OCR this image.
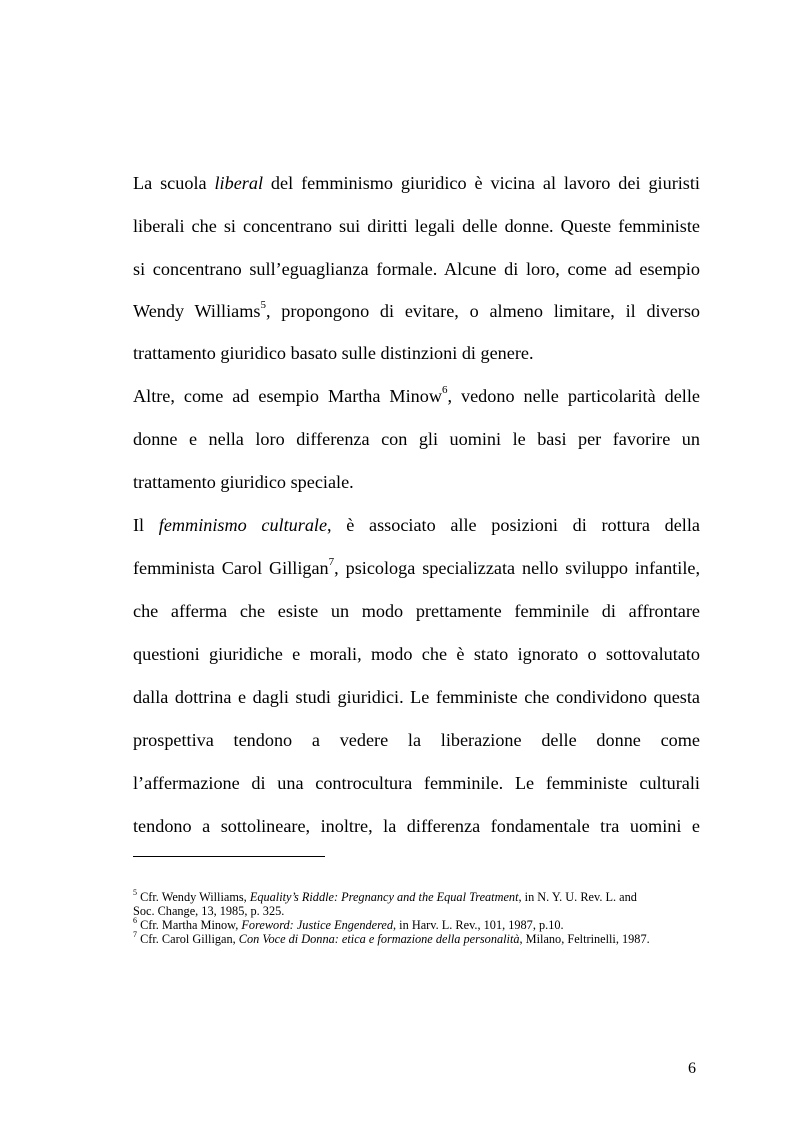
La scuola liberal del femminismo giuridico è vicina al lavoro dei giuristi
liberali che si concentrano sui diritti legali delle donne. Queste femministe
si concentrano sull’eguaglianza formale. Alcune di loro, come ad esempio
Wendy Williams$^5$, propongono di evitare, o almeno limitare, il diverso
trattamento giuridico basato sulle distinzioni di genere.
Altre, come ad esempio Martha Minow$^6$, vedono nelle particolarità delle
donne e nella loro differenza con gli uomini le basi per favorire un
trattamento giuridico speciale.
Il femminismo culturale, è associato alle posizioni di rottura della
femminista Carol Gilligan$^7$, psicologa specializzata nello sviluppo infantile,
che afferma che esiste un modo prettamente femminile di affrontare
questioni giuridiche e morali, modo che è stato ignorato o sottovalutato
dalla dottrina e dagli studi giuridici. Le femministe che condividono questa
prospettiva tendono a vedere la liberazione delle donne come
l’affermazione di una controcultura femminile. Le femministe culturali
tendono a sottolineare, inoltre, la differenza fondamentale tra uomini e
$^5$ Cfr. Wendy Williams, Equality’s Riddle: Pregnancy and the Equal Treatment, in N. Y. U. Rev. L. and
Soc. Change, 13, 1985, p. 325.
$^6$ Cfr. Martha Minow, Foreword: Justice Engendered, in Harv. L. Rev., 101, 1987, p.10.
$^7$ Cfr. Carol Gilligan, Con Voce di Donna: etica e formazione della personalità, Milano, Feltrinelli, 1987.
6
